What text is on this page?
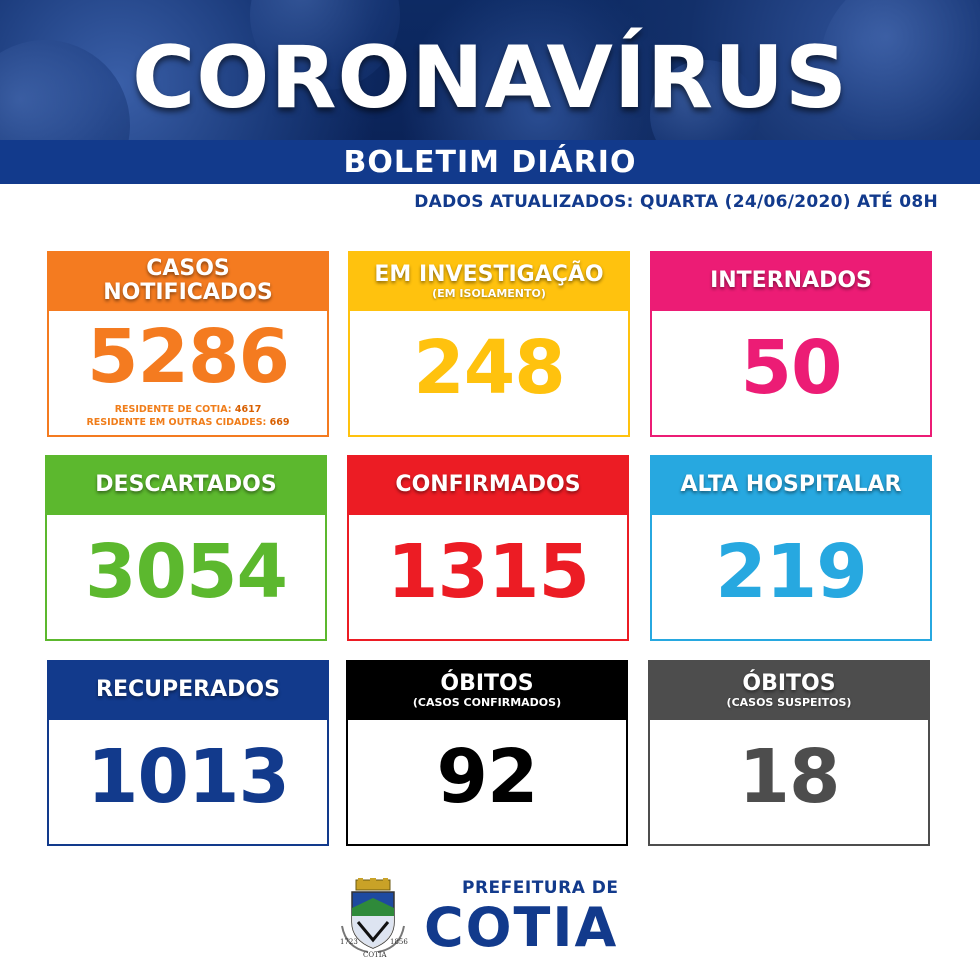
CORONAVÍRUS
BOLETIM DIÁRIO
DADOS ATUALIZADOS: QUARTA (24/06/2020) ATÉ 08H
CASOS
NOTIFICADOS
5286
RESIDENTE DE COTIA: 4617
RESIDENTE EM OUTRAS CIDADES: 669
EM INVESTIGAÇÃO
(EM ISOLAMENTO)
248
INTERNADOS
50
DESCARTADOS
3054
CONFIRMADOS
1315
ALTA HOSPITALAR
219
RECUPERADOS
1013
ÓBITOS
(CASOS CONFIRMADOS)
92
ÓBITOS
(CASOS SUSPEITOS)
18
1723	1856
COTIA
PREFEITURA DE
COTIA
